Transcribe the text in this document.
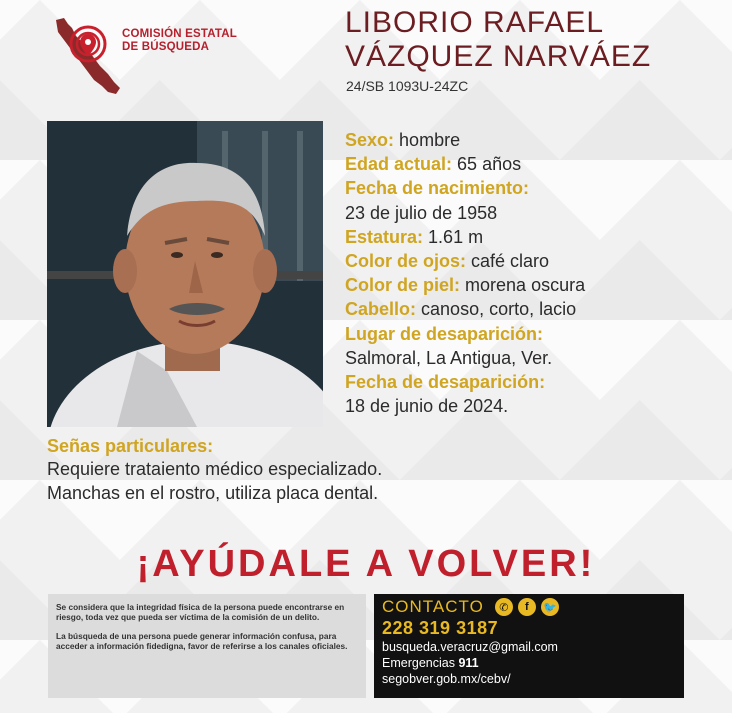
COMISIÓN ESTATAL
DE BÚSQUEDA
LIBORIO RAFAEL
VÁZQUEZ NARVÁEZ
24/SB 1093U-24ZC
Sexo: hombre
Edad actual: 65 años
Fecha de nacimiento:
23 de julio de 1958
Estatura: 1.61 m
Color de ojos: café claro
Color de piel: morena oscura
Cabello: canoso, corto, lacio
Lugar de desaparición:
Salmoral, La Antigua, Ver.
Fecha de desaparición:
18 de junio de 2024.
Señas particulares:
Requiere trataiento médico especializado.
Manchas en el rostro, utiliza placa dental.
¡AYÚDALE A VOLVER!

Se considera que la integridad física de la persona puede encontrarse en riesgo, toda vez que pueda ser víctima de la comisión de un delito.

La búsqueda de una persona puede generar información confusa, para acceder a información fidedigna, favor de referirse a los canales oficiales.

CONTACTO	✆	f	🐦
228 319 3187
busqueda.veracruz@gmail.com
Emergencias 911
segobver.gob.mx/cebv/
